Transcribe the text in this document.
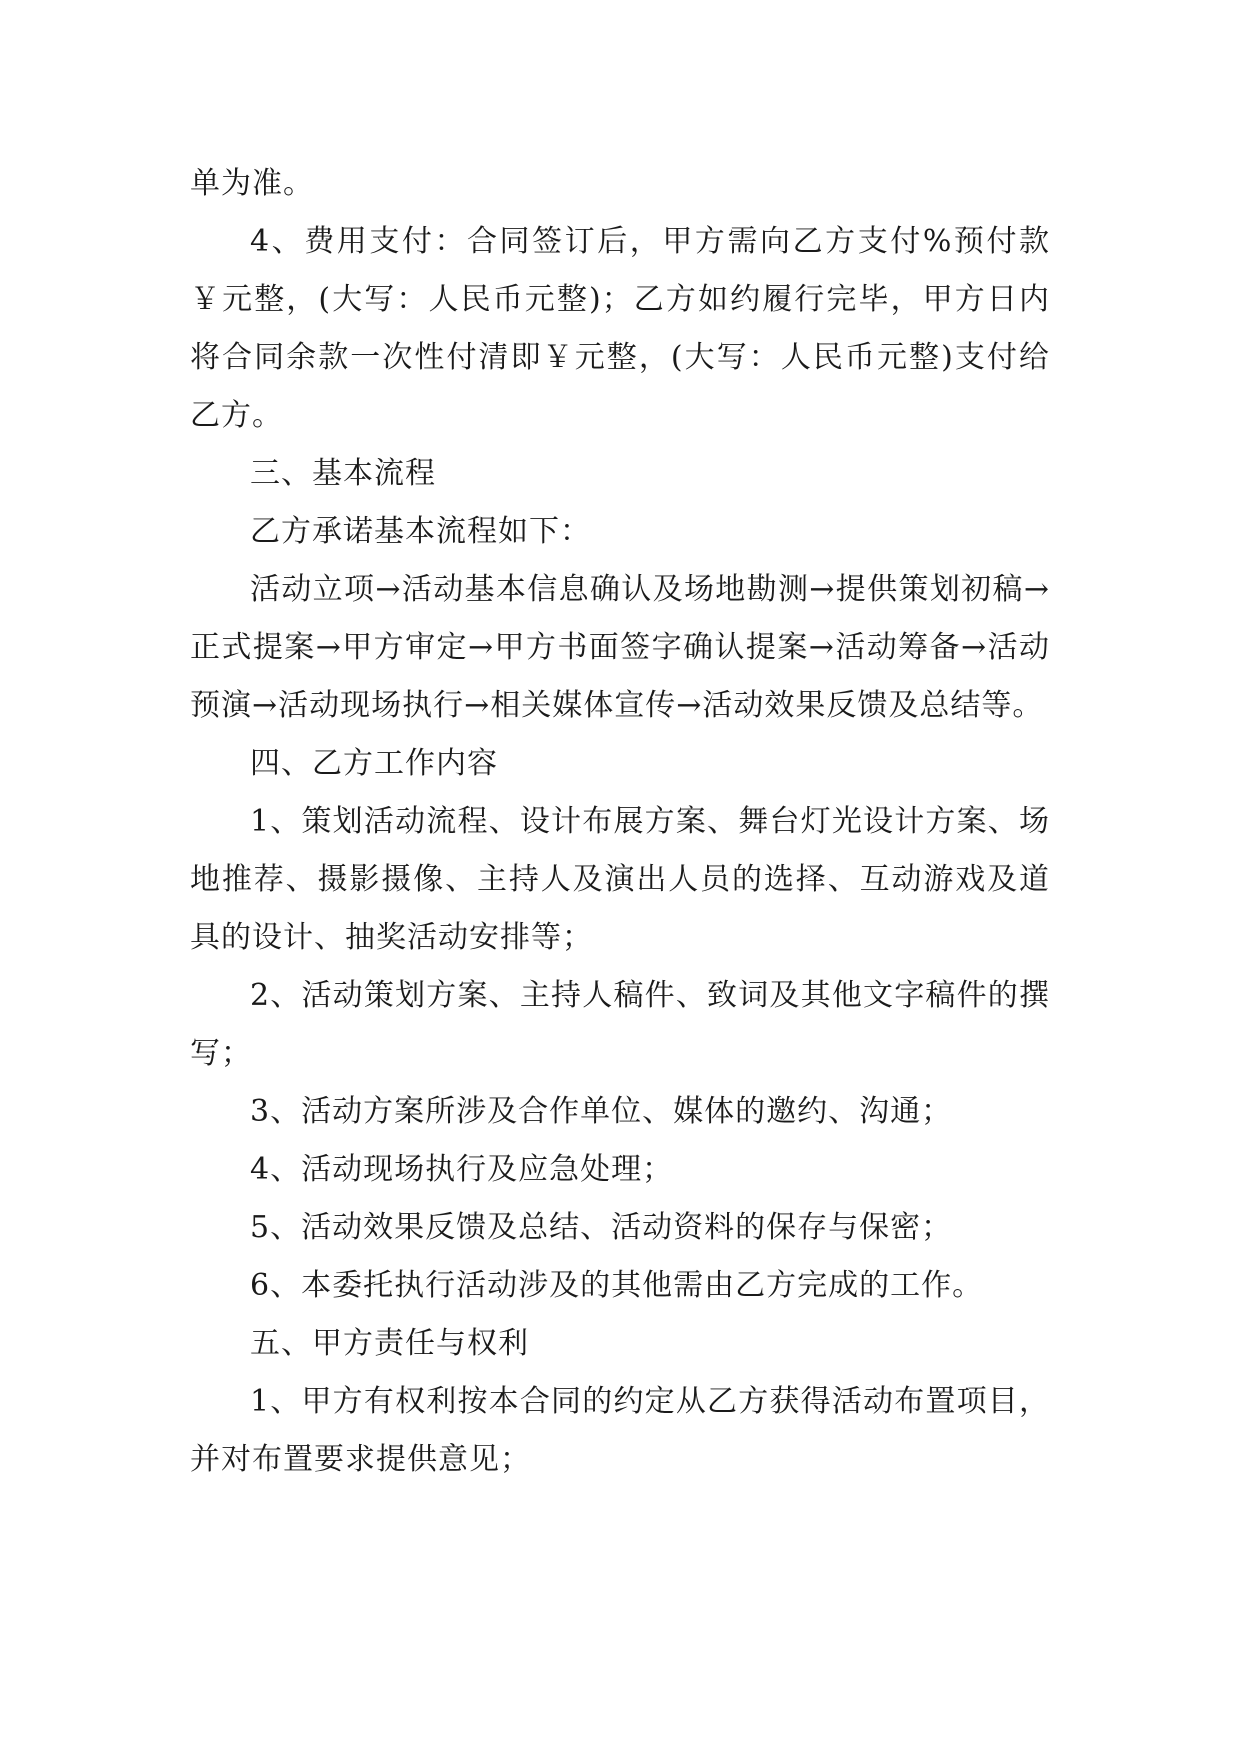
单为准。

4、费用支付：合同签订后，甲方需向乙方支付%预付款￥元整，(大写：人民币元整)；乙方如约履行完毕，甲方日内将合同余款一次性付清即￥元整，(大写：人民币元整)支付给乙方。

三、基本流程

乙方承诺基本流程如下：

活动立项→活动基本信息确认及场地勘测→提供策划初稿→正式提案→甲方审定→甲方书面签字确认提案→活动筹备→活动预演→活动现场执行→相关媒体宣传→活动效果反馈及总结等。

四、乙方工作内容

1、策划活动流程、设计布展方案、舞台灯光设计方案、场地推荐、摄影摄像、主持人及演出人员的选择、互动游戏及道具的设计、抽奖活动安排等；

2、活动策划方案、主持人稿件、致词及其他文字稿件的撰写；

3、活动方案所涉及合作单位、媒体的邀约、沟通；

4、活动现场执行及应急处理；

5、活动效果反馈及总结、活动资料的保存与保密；

6、本委托执行活动涉及的其他需由乙方完成的工作。

五、甲方责任与权利

1、甲方有权利按本合同的约定从乙方获得活动布置项目，并对布置要求提供意见；
